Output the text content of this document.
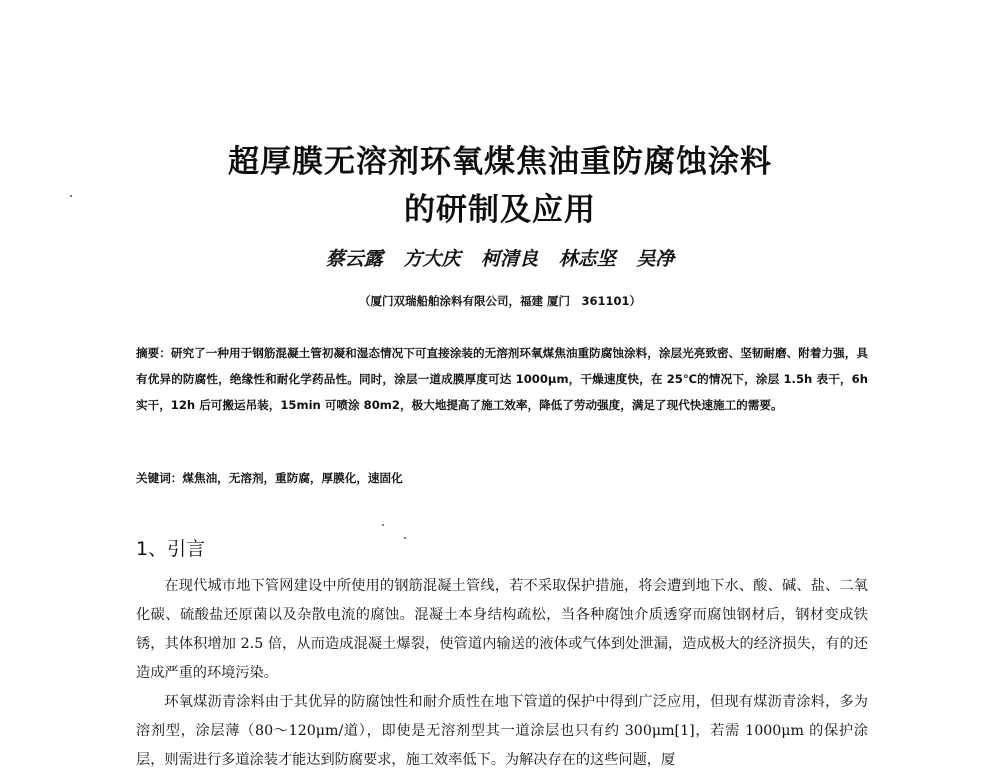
超厚膜无溶剂环氧煤焦油重防腐蚀涂料
的研制及应用
蔡云露 方大庆 柯清良 林志坚 吴净
（厦门双瑞船舶涂料有限公司，福建 厦门　361101）
摘要：研究了一种用于钢筋混凝土管初凝和湿态情况下可直接涂装的无溶剂环氧煤焦油重防腐蚀涂料，涂层光亮致密、坚韧耐磨、附着力强，具有优异的防腐性，绝缘性和耐化学药品性。同时，涂层一道成膜厚度可达 1000μm，干燥速度快，在 25℃的情况下，涂层 1.5h 表干，6h 实干，12h 后可搬运吊装，15min 可喷涂 80m2，极大地提高了施工效率，降低了劳动强度，满足了现代快速施工的需要。
关键词：煤焦油，无溶剂，重防腐，厚膜化，速固化
1、引言

在现代城市地下管网建设中所使用的钢筋混凝土管线，若不采取保护措施，将会遭到地下水、酸、碱、盐、二氧化碳、硫酸盐还原菌以及杂散电流的腐蚀。混凝土本身结构疏松，当各种腐蚀介质透穿而腐蚀钢材后，钢材变成铁锈，其体积增加 2.5 倍，从而造成混凝土爆裂，使管道内输送的液体或气体到处泄漏，造成极大的经济损失，有的还造成严重的环境污染。

环氧煤沥青涂料由于其优异的防腐蚀性和耐介质性在地下管道的保护中得到广泛应用，但现有煤沥青涂料，多为溶剂型，涂层薄（80～120μm/道），即使是无溶剂型其一道涂层也只有约 300μm[1]，若需 1000μm 的保护涂层，则需进行多道涂装才能达到防腐要求，施工效率低下。为解决存在的这些问题，厦
